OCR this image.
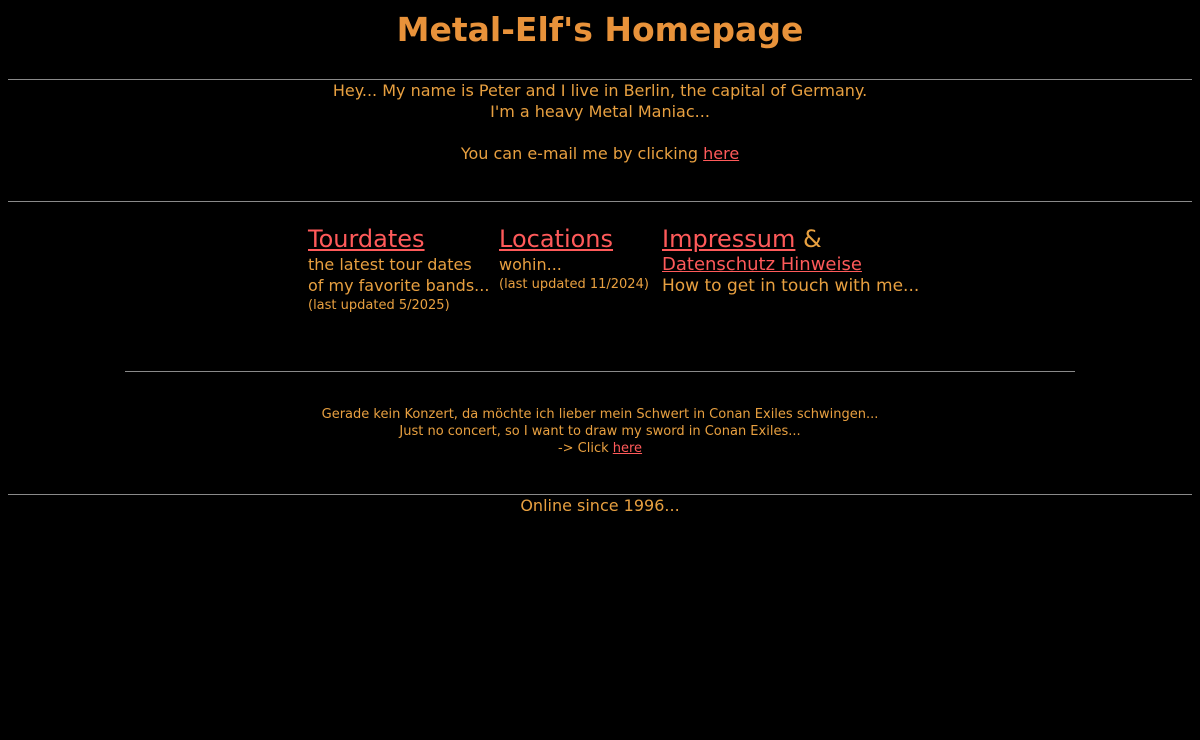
Metal-Elf's Homepage

Hey... My name is Peter and I live in Berlin, the capital of Germany.

I'm a heavy Metal Maniac...

You can e-mail me by clicking here

Tourdates

the latest tour dates

of my favorite bands...

(last updated 5/2025)

Locations

wohin...

(last updated 11/2024)

Impressum &

Datenschutz Hinweise

How to get in touch with me...

Gerade kein Konzert, da möchte ich lieber mein Schwert in Conan Exiles schwingen...

Just no concert, so I want to draw my sword in Conan Exiles...

-> Click here

Online since 1996...
